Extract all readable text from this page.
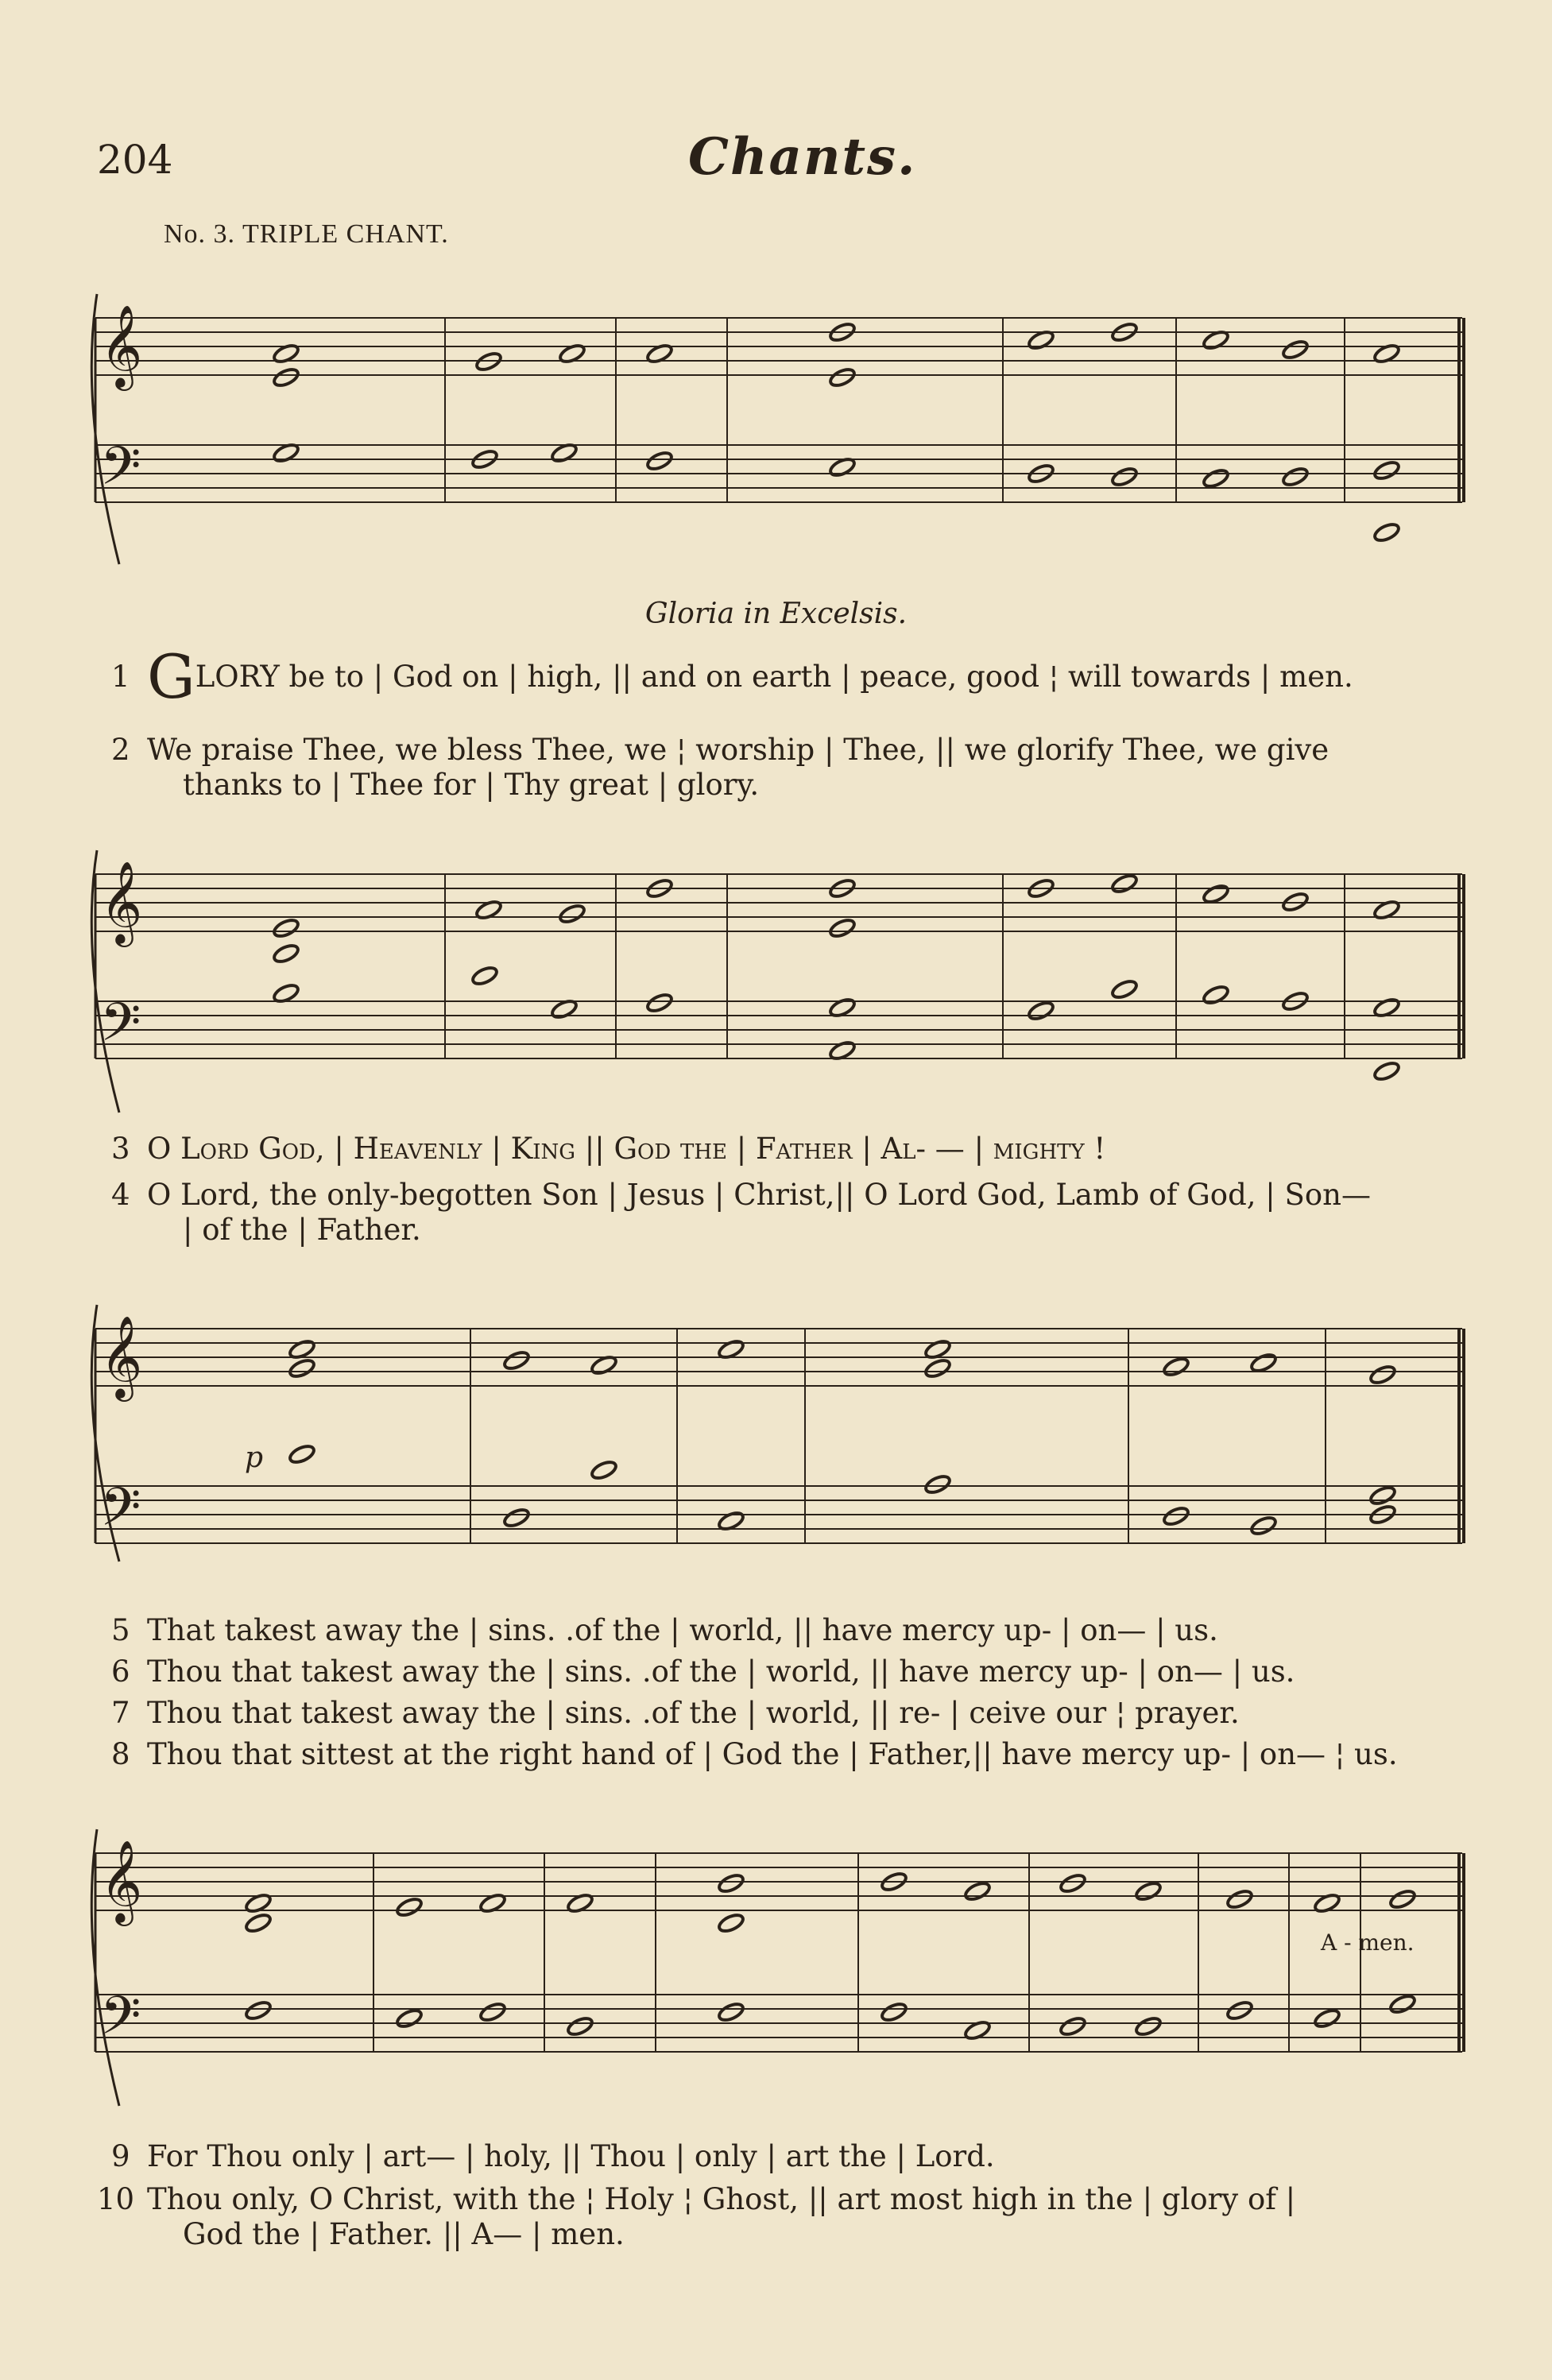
204	Chants.
No. 3. TRIPLE CHANT.
𝄞
𝄢
Gloria in Excelsis.
1 GLORY be to | God on | high, || and on earth | peace, good ¦ will towards | men.
2 We praise Thee, we bless Thee, we ¦ worship | Thee, || we glorify Thee, we give
thanks to | Thee for | Thy great | glory.
𝄞
𝄢
3 O Lord God, | Heavenly | King || God the | Father | Al- — | mighty !
4 O Lord, the only-begotten Son | Jesus | Christ,|| O Lord God, Lamb of God, | Son—
| of the | Father.
𝄞
𝄢
p
5 That takest away the | sins. .of the | world, || have mercy up- | on— | us.
6 Thou that takest away the | sins. .of the | world, || have mercy up- | on— | us.
7 Thou that takest away the | sins. .of the | world, || re- | ceive our ¦ prayer.
8 Thou that sittest at the right hand of | God the | Father,|| have mercy up- | on— ¦ us.
𝄞
𝄢
A - men.
9 For Thou only | art— | holy, || Thou | only | art the | Lord.
10 Thou only, O Christ, with the ¦ Holy ¦ Ghost, || art most high in the | glory of |
God the | Father. || A— | men.
